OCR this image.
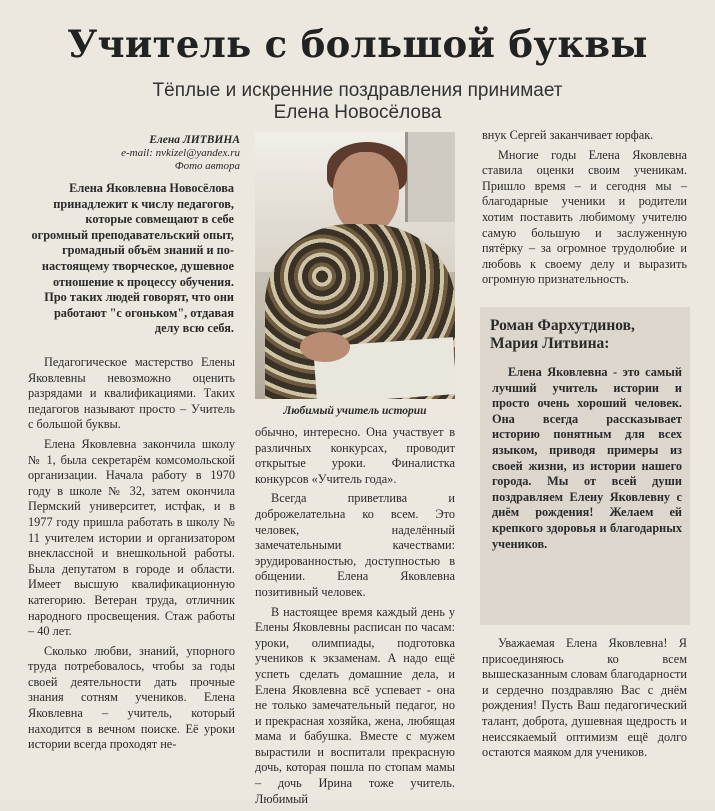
Учитель с большой буквы
Тёплые и искренние поздравления принимает Елена Новосёлова
Елена ЛИТВИНА
e-mail: nvkizel@yandex.ru
Фото автора
Елена Яковлевна Новосёлова принадлежит к числу педагогов, которые совмещают в себе огромный преподавательский опыт, громадный объём знаний и по-настоящему творческое, душевное отношение к процессу обучения. Про таких людей говорят, что они работают "с огоньком", отдавая делу всю себя.
Любимый учитель истории

Педагогическое мастерство Елены Яковлевны невозможно оценить разрядами и квалификациями. Таких педагогов называют просто – Учитель с большой буквы.

Елена Яковлевна закончила школу № 1, была секретарём комсомольской организации. Начала работу в 1970 году в школе № 32, затем окончила Пермский университет, истфак, и в 1977 году пришла работать в школу № 11 учителем истории и организатором внеклассной и внешкольной работы. Была депутатом в городе и области. Имеет высшую квалификационную категорию. Ветеран труда, отличник народного просвещения. Стаж работы – 40 лет.

Сколько любви, знаний, упорного труда потребовалось, чтобы за годы своей деятельности дать прочные знания сотням учеников. Елена Яковлевна – учитель, который находится в вечном поиске. Её уроки истории всегда проходят не-

обычно, интересно. Она участвует в различных конкурсах, проводит открытые уроки. Финалистка конкурсов «Учитель года».

Всегда приветлива и доброжелательна ко всем. Это человек, наделённый замечательными качествами: эрудированностью, доступностью в общении. Елена Яковлевна позитивный человек.

В настоящее время каждый день у Елены Яковлевны расписан по часам: уроки, олимпиады, подготовка учеников к экзаменам. А надо ещё успеть сделать домашние дела, и Елена Яковлевна всё успевает - она не только замечательный педагог, но и прекрасная хозяйка, жена, любящая мама и бабушка. Вместе с мужем вырастили и воспитали прекрасную дочь, которая пошла по стопам мамы – дочь Ирина тоже учитель. Любимый

внук Сергей заканчивает юрфак.

Многие годы Елена Яковлевна ставила оценки своим ученикам. Пришло время – и сегодня мы – благодарные ученики и родители хотим поставить любимому учителю самую большую и заслуженную пятёрку – за огромное трудолюбие и любовь к своему делу и выразить огромную признательность.

Роман Фархутдинов, Мария Литвина:

Елена Яковлевна - это самый лучший учитель истории и просто очень хороший человек. Она всегда рассказывает историю понятным для всех языком, приводя примеры из своей жизни, из истории нашего города. Мы от всей души поздравляем Елену Яковлевну с днём рождения! Желаем ей крепкого здоровья и благодарных учеников.

Уважаемая Елена Яковлевна! Я присоединяюсь ко всем вышесказанным словам благодарности и сердечно поздравляю Вас с днём рождения! Пусть Ваш педагогический талант, доброта, душевная щедрость и неиссякаемый оптимизм ещё долго остаются маяком для учеников.
